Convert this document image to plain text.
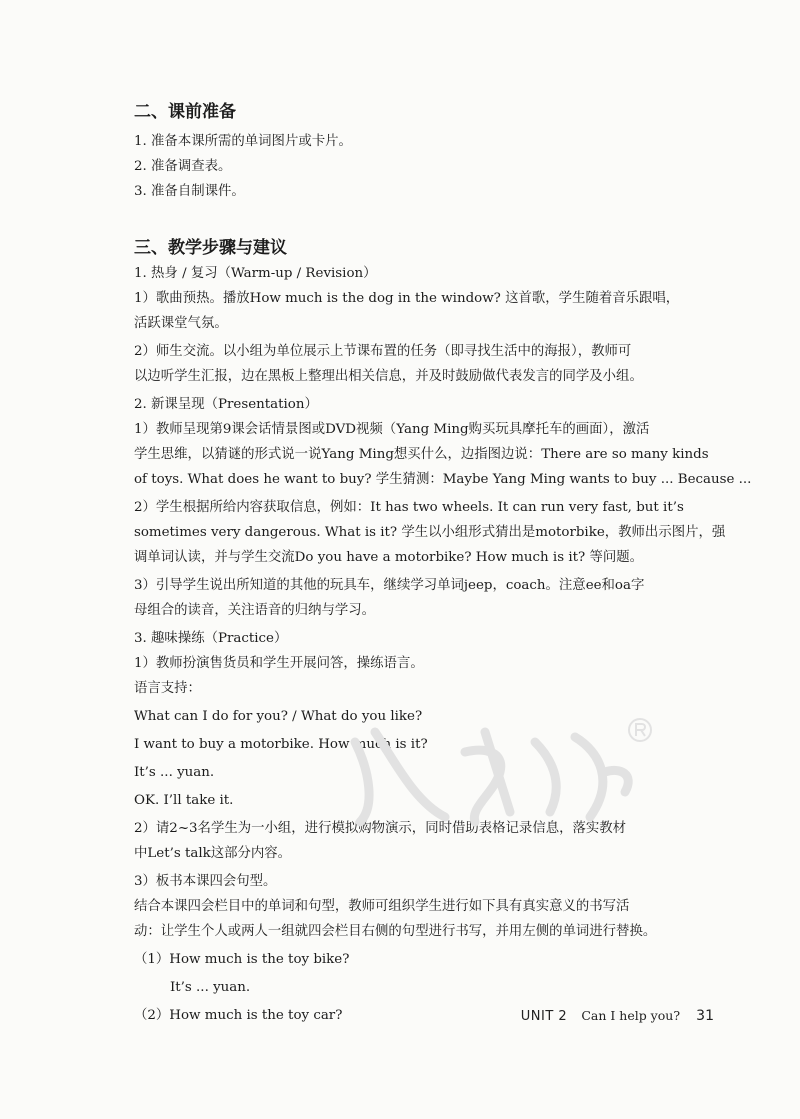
二、课前准备

1. 准备本课所需的单词图片或卡片。

2. 准备调查表。

3. 准备自制课件。

三、教学步骤与建议

1. 热身 / 复习（Warm-up / Revision）

1）歌曲预热。播放How much is the dog in the window? 这首歌，学生随着音乐跟唱，

活跃课堂气氛。

2）师生交流。以小组为单位展示上节课布置的任务（即寻找生活中的海报），教师可

以边听学生汇报，边在黑板上整理出相关信息，并及时鼓励做代表发言的同学及小组。

2. 新课呈现（Presentation）

1）教师呈现第9课会话情景图或DVD视频（Yang Ming购买玩具摩托车的画面），激活

学生思维，以猜谜的形式说一说Yang Ming想买什么，边指图边说：There are so many kinds

of toys. What does he want to buy? 学生猜测：Maybe Yang Ming wants to buy ... Because ...

2）学生根据所给内容获取信息，例如：It has two wheels. It can run very fast, but it’s

sometimes very dangerous. What is it? 学生以小组形式猜出是motorbike，教师出示图片，强

调单词认读，并与学生交流Do you have a motorbike? How much is it? 等问题。

3）引导学生说出所知道的其他的玩具车，继续学习单词jeep，coach。注意ee和oa字

母组合的读音，关注语音的归纳与学习。

3. 趣味操练（Practice）

1）教师扮演售货员和学生开展问答，操练语言。

语言支持：

What can I do for you? / What do you like?

I want to buy a motorbike. How much is it?

It’s ... yuan.

OK. I’ll take it.

2）请2~3名学生为一小组，进行模拟购物演示，同时借助表格记录信息，落实教材

中Let’s talk这部分内容。

3）板书本课四会句型。

结合本课四会栏目中的单词和句型，教师可组织学生进行如下具有真实意义的书写活

动：让学生个人或两人一组就四会栏目右侧的句型进行书写，并用左侧的单词进行替换。

（1）How much is the toy bike?

It’s ... yuan.

（2）How much is the toy car?	UNIT 2 Can I help you? 31
